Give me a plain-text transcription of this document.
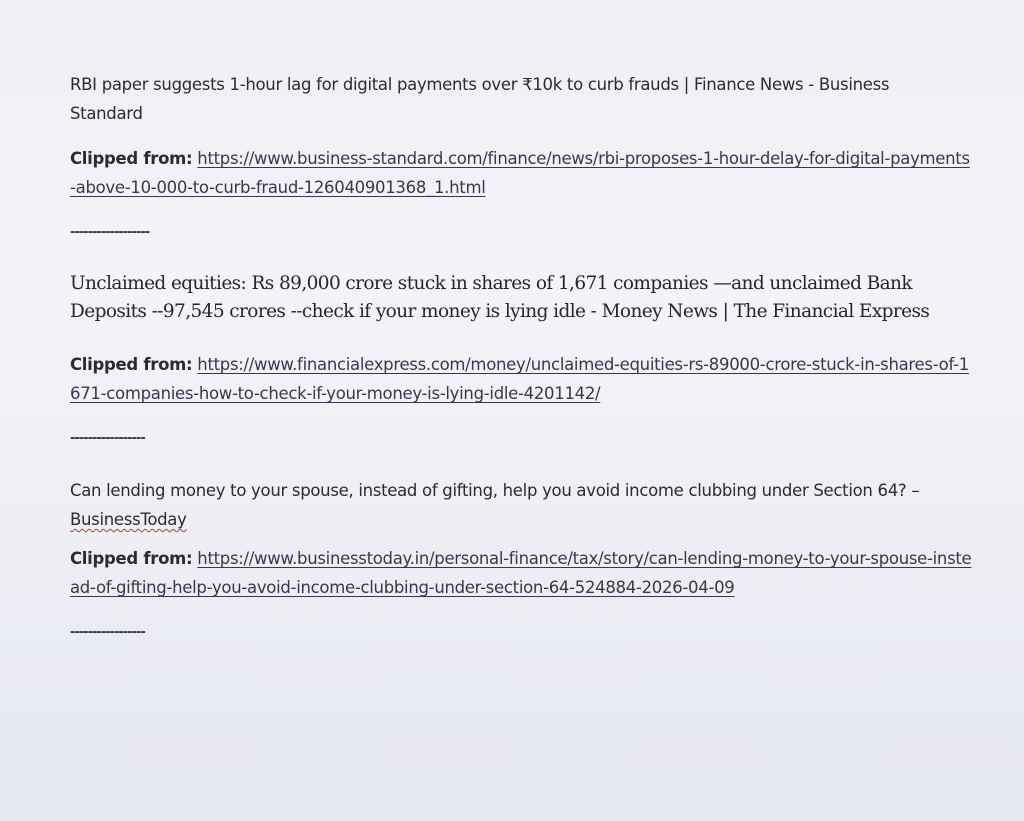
RBI paper suggests 1-hour lag for digital payments over ₹10k to curb frauds | Finance News - Business Standard

Clipped from: https://www.business-standard.com/finance/news/rbi-proposes-1-hour-delay-for-digital-payments-above-10-000-to-curb-fraud-126040901368_1.html

------------------

Unclaimed equities: Rs 89,000 crore stuck in shares of 1,671 companies —and unclaimed Bank Deposits --97,545 crores --check if your money is lying idle - Money News | The Financial Express

Clipped from: https://www.financialexpress.com/money/unclaimed-equities-rs-89000-crore-stuck-in-shares-of-1671-companies-how-to-check-if-your-money-is-lying-idle-4201142/

-----------------

Can lending money to your spouse, instead of gifting, help you avoid income clubbing under Section 64? – BusinessToday

Clipped from: https://www.businesstoday.in/personal-finance/tax/story/can-lending-money-to-your-spouse-instead-of-gifting-help-you-avoid-income-clubbing-under-section-64-524884-2026-04-09

-----------------
